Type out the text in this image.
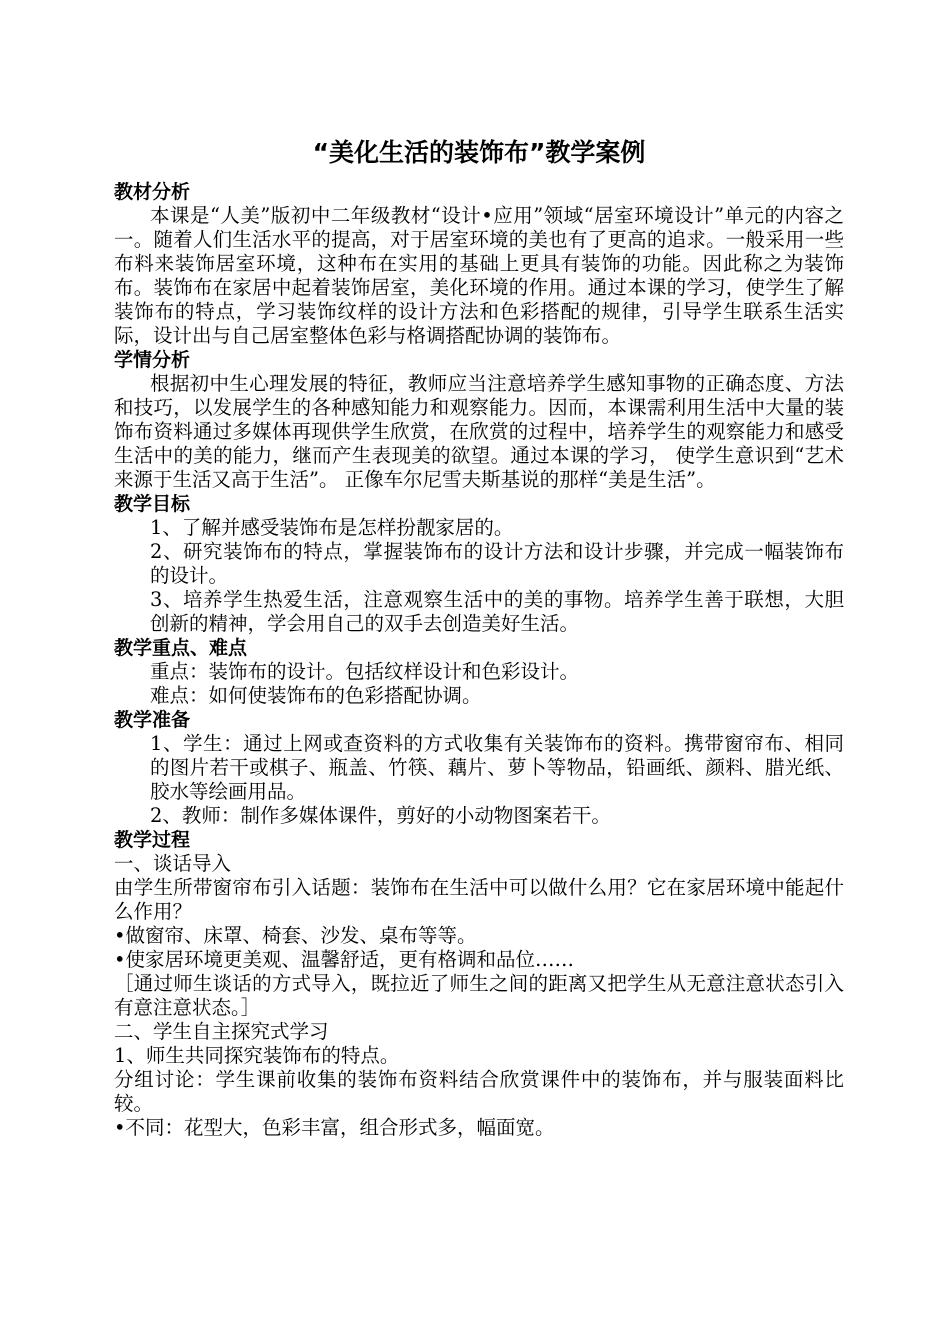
“美化生活的装饰布”教学案例
教材分析

本课是“人美”版初中二年级教材“设计•应用”领域“居室环境设计”单元的内容之一。随着人们生活水平的提高，对于居室环境的美也有了更高的追求。一般采用一些布料来装饰居室环境，这种布在实用的基础上更具有装饰的功能。因此称之为装饰布。装饰布在家居中起着装饰居室，美化环境的作用。通过本课的学习，使学生了解装饰布的特点，学习装饰纹样的设计方法和色彩搭配的规律，引导学生联系生活实际，设计出与自己居室整体色彩与格调搭配协调的装饰布。

学情分析

根据初中生心理发展的特征，教师应当注意培养学生感知事物的正确态度、方法和技巧，以发展学生的各种感知能力和观察能力。因而，本课需利用生活中大量的装饰布资料通过多媒体再现供学生欣赏，在欣赏的过程中，培养学生的观察能力和感受生活中的美的能力，继而产生表现美的欲望。通过本课的学习， 使学生意识到“艺术来源于生活又高于生活”。 正像车尔尼雪夫斯基说的那样“美是生活”。

教学目标

1、了解并感受装饰布是怎样扮靓家居的。

2、研究装饰布的特点，掌握装饰布的设计方法和设计步骤，并完成一幅装饰布的设计。

3、培养学生热爱生活，注意观察生活中的美的事物。培养学生善于联想，大胆创新的精神，学会用自己的双手去创造美好生活。

教学重点、难点

重点：装饰布的设计。包括纹样设计和色彩设计。

难点：如何使装饰布的色彩搭配协调。

教学准备

1、学生：通过上网或查资料的方式收集有关装饰布的资料。携带窗帘布、相同的图片若干或棋子、瓶盖、竹筷、藕片、萝卜等物品，铅画纸、颜料、腊光纸、胶水等绘画用品。

2、教师：制作多媒体课件，剪好的小动物图案若干。

教学过程

一、谈话导入

由学生所带窗帘布引入话题：装饰布在生活中可以做什么用？它在家居环境中能起什么作用？

•做窗帘、床罩、椅套、沙发、桌布等等。

•使家居环境更美观、温馨舒适，更有格调和品位……

［通过师生谈话的方式导入，既拉近了师生之间的距离又把学生从无意注意状态引入有意注意状态。］

二、学生自主探究式学习

1、师生共同探究装饰布的特点。

分组讨论：学生课前收集的装饰布资料结合欣赏课件中的装饰布，并与服装面料比较。

•不同：花型大，色彩丰富，组合形式多，幅面宽。
